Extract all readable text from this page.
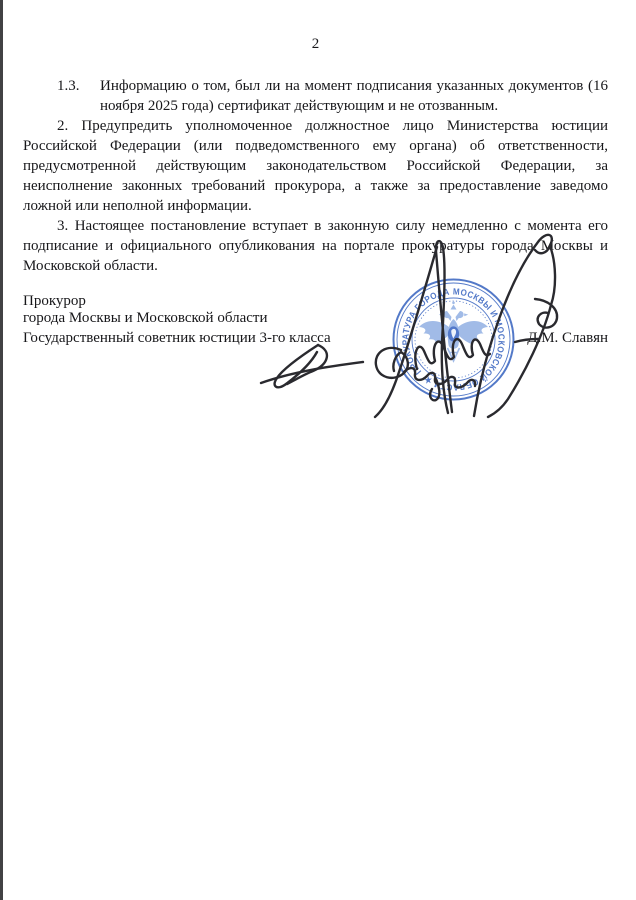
2
1.3. Информацию о том, был ли на момент подписания указанных документов (16 ноября 2025 года) сертификат действующим и не отозванным.

2. Предупредить уполномоченное должностное лицо Министерства юстиции Российской Федерации (или подведомственного ему органа) об ответственности, предусмотренной действующим законодательством Российской Федерации, за неисполнение законных требований прокурора, а также за предоставление заведомо ложной или неполной информации.

3. Настоящее постановление вступает в законную силу немедленно с момента его подписание и официального опубликования на портале прокуратуры города Москвы и Московской области.

Прокурор
города Москвы и Московской области
Государственный советник юстиции 3-го класса	Д.М. Славян
ПРОКУРАТУРА ГОРОДА МОСКВЫ И МОСКОВСКОЙ ОБЛАСТИ ★
